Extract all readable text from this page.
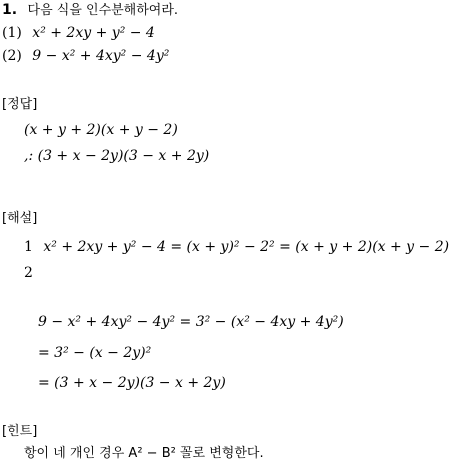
1. 다음 식을 인수분해하여라.
(1) x² + 2xy + y² − 4
(2) 9 − x² + 4xy² − 4y²
[정답]
(x + y + 2)(x + y − 2)
,: (3 + x − 2y)(3 − x + 2y)
[해설]
1 x² + 2xy + y² − 4 = (x + y)² − 2² = (x + y + 2)(x + y − 2)
2
9 − x² + 4xy² − 4y² = 3² − (x² − 4xy + 4y²)
= 3² − (x − 2y)²
= (3 + x − 2y)(3 − x + 2y)
[힌트]
항이 네 개인 경우 A² − B² 꼴로 변형한다.
